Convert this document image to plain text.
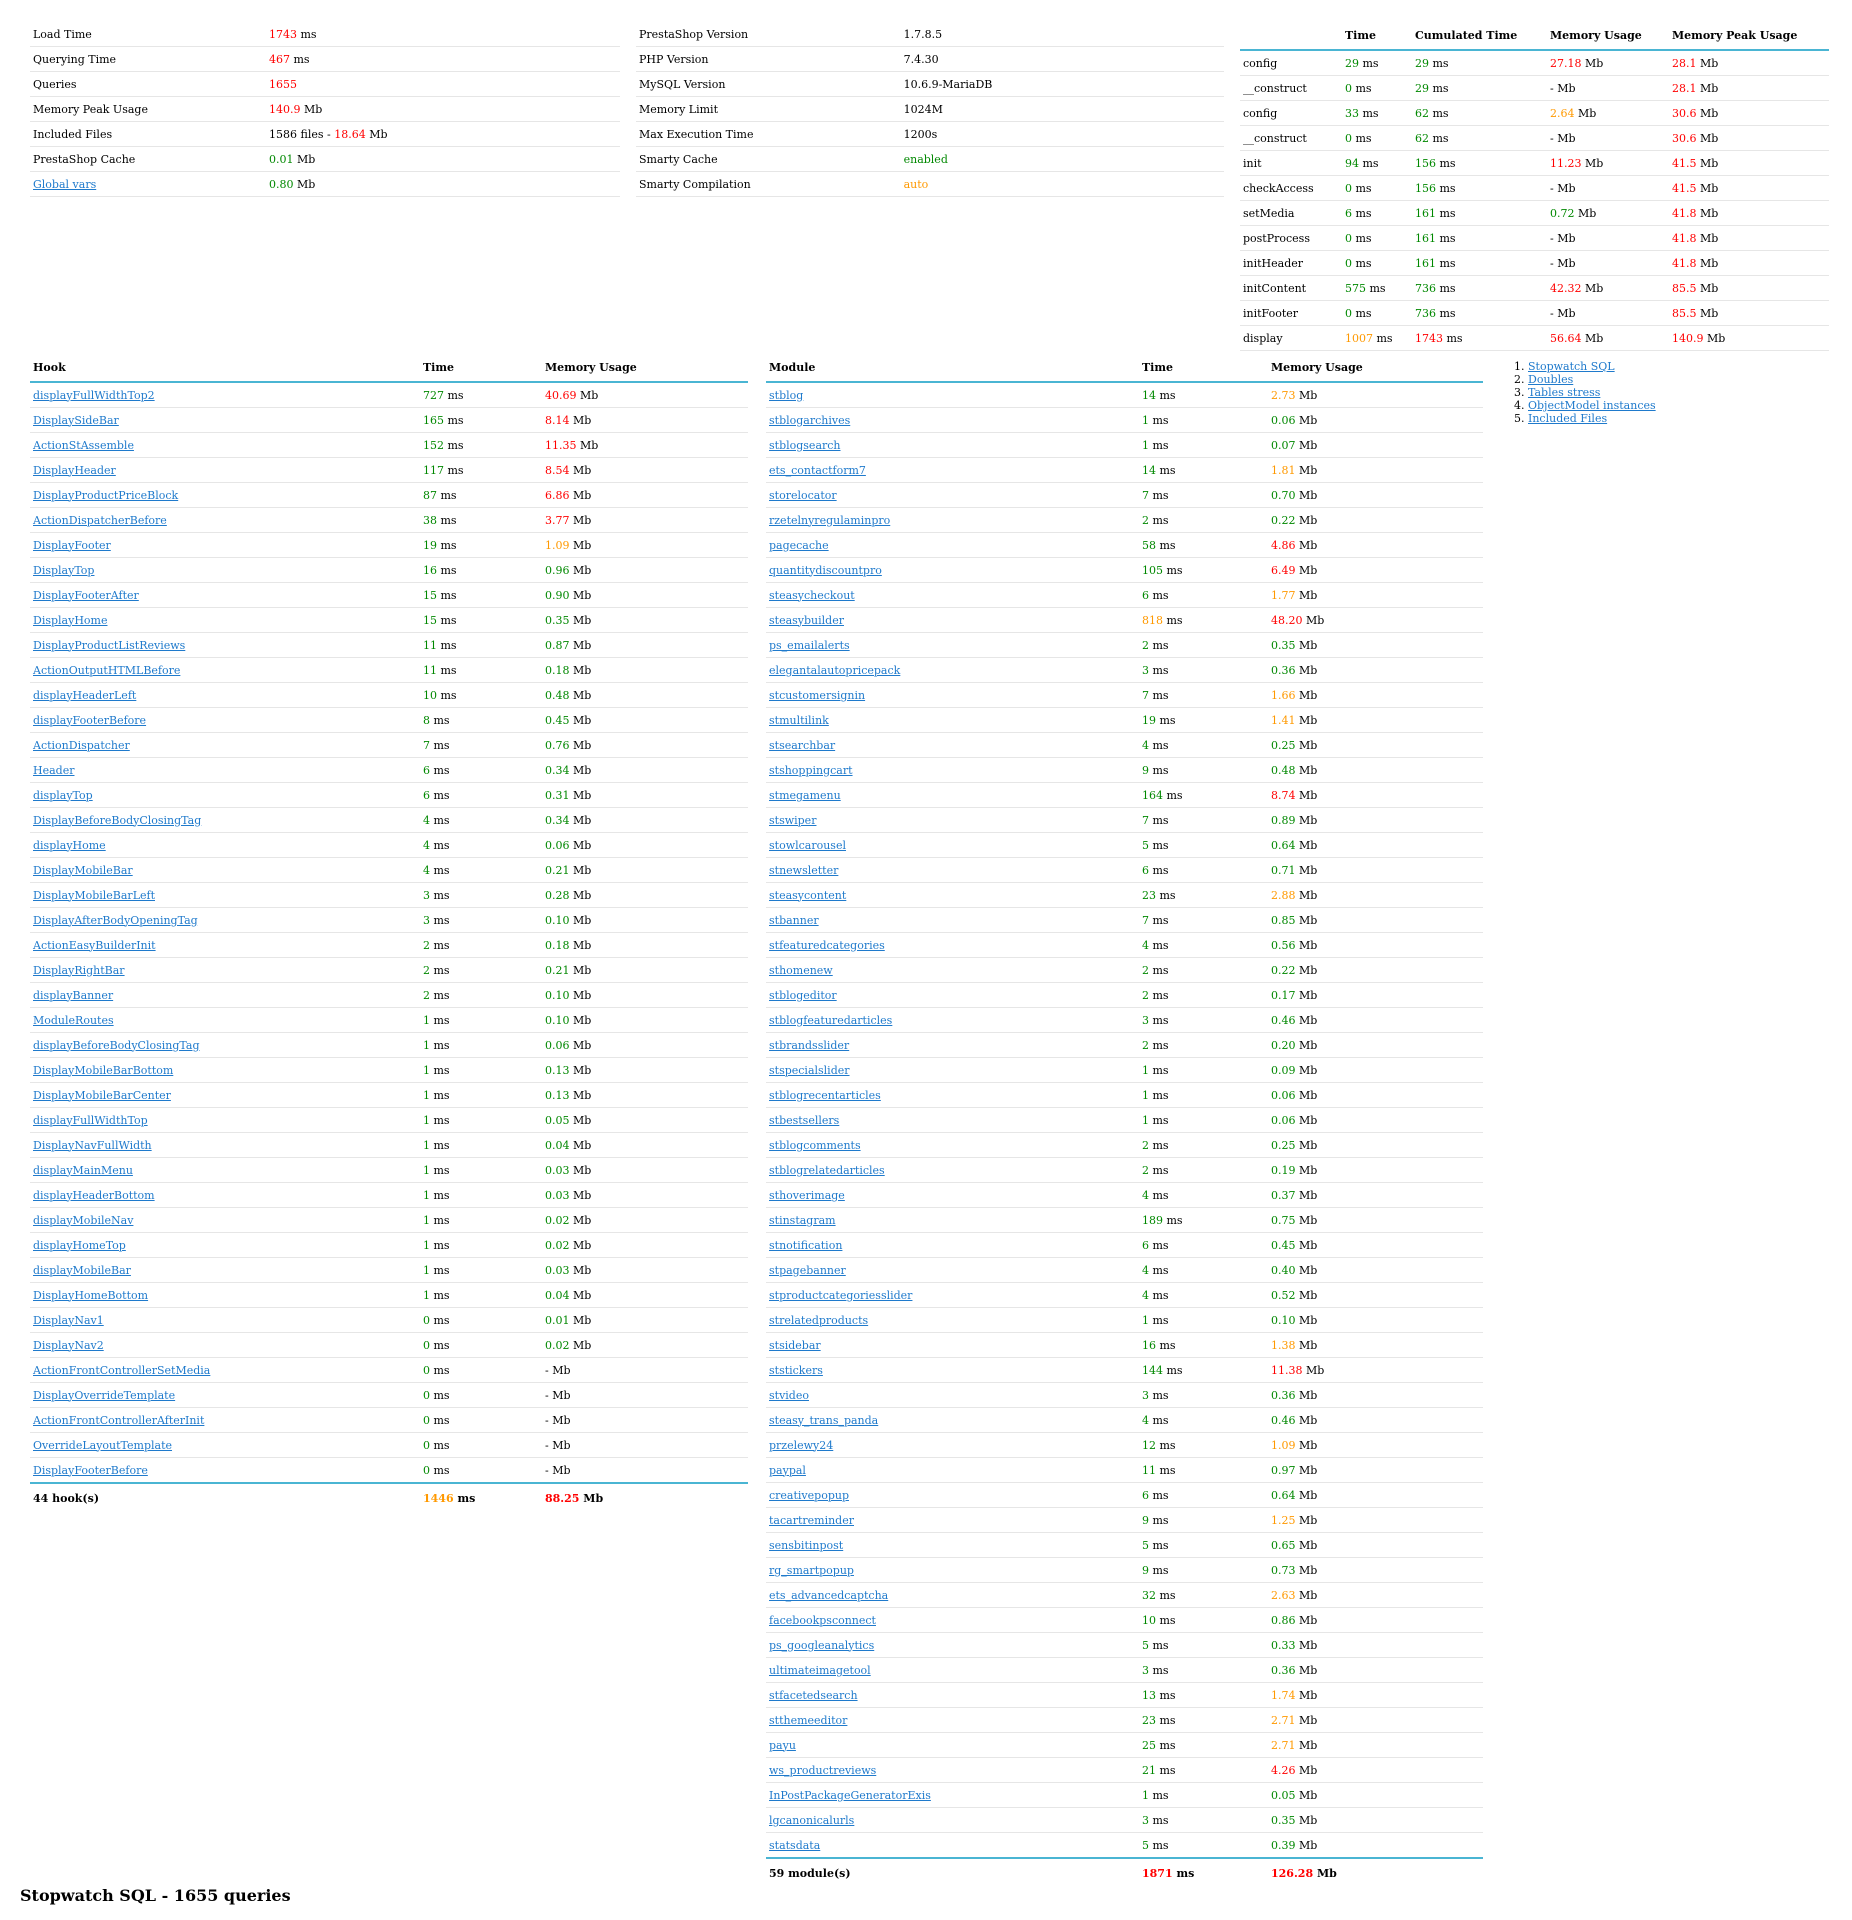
Load Time	1743 ms
Querying Time	467 ms
Queries	1655
Memory Peak Usage	140.9 Mb
Included Files	1586 files - 18.64 Mb
PrestaShop Cache	0.01 Mb
Global vars	0.80 Mb
PrestaShop Version	1.7.8.5
PHP Version	7.4.30
MySQL Version	10.6.9-MariaDB
Memory Limit	1024M
Max Execution Time	1200s
Smarty Cache	enabled
Smarty Compilation	auto
	Time	Cumulated Time	Memory Usage	Memory Peak Usage
config	29 ms	29 ms	27.18 Mb	28.1 Mb
__construct	0 ms	29 ms	- Mb	28.1 Mb
config	33 ms	62 ms	2.64 Mb	30.6 Mb
__construct	0 ms	62 ms	- Mb	30.6 Mb
init	94 ms	156 ms	11.23 Mb	41.5 Mb
checkAccess	0 ms	156 ms	- Mb	41.5 Mb
setMedia	6 ms	161 ms	0.72 Mb	41.8 Mb
postProcess	0 ms	161 ms	- Mb	41.8 Mb
initHeader	0 ms	161 ms	- Mb	41.8 Mb
initContent	575 ms	736 ms	42.32 Mb	85.5 Mb
initFooter	0 ms	736 ms	- Mb	85.5 Mb
display	1007 ms	1743 ms	56.64 Mb	140.9 Mb
Hook	Time	Memory Usage
displayFullWidthTop2	727 ms	40.69 Mb
DisplaySideBar	165 ms	8.14 Mb
ActionStAssemble	152 ms	11.35 Mb
DisplayHeader	117 ms	8.54 Mb
DisplayProductPriceBlock	87 ms	6.86 Mb
ActionDispatcherBefore	38 ms	3.77 Mb
DisplayFooter	19 ms	1.09 Mb
DisplayTop	16 ms	0.96 Mb
DisplayFooterAfter	15 ms	0.90 Mb
DisplayHome	15 ms	0.35 Mb
DisplayProductListReviews	11 ms	0.87 Mb
ActionOutputHTMLBefore	11 ms	0.18 Mb
displayHeaderLeft	10 ms	0.48 Mb
displayFooterBefore	8 ms	0.45 Mb
ActionDispatcher	7 ms	0.76 Mb
Header	6 ms	0.34 Mb
displayTop	6 ms	0.31 Mb
DisplayBeforeBodyClosingTag	4 ms	0.34 Mb
displayHome	4 ms	0.06 Mb
DisplayMobileBar	4 ms	0.21 Mb
DisplayMobileBarLeft	3 ms	0.28 Mb
DisplayAfterBodyOpeningTag	3 ms	0.10 Mb
ActionEasyBuilderInit	2 ms	0.18 Mb
DisplayRightBar	2 ms	0.21 Mb
displayBanner	2 ms	0.10 Mb
ModuleRoutes	1 ms	0.10 Mb
displayBeforeBodyClosingTag	1 ms	0.06 Mb
DisplayMobileBarBottom	1 ms	0.13 Mb
DisplayMobileBarCenter	1 ms	0.13 Mb
displayFullWidthTop	1 ms	0.05 Mb
DisplayNavFullWidth	1 ms	0.04 Mb
displayMainMenu	1 ms	0.03 Mb
displayHeaderBottom	1 ms	0.03 Mb
displayMobileNav	1 ms	0.02 Mb
displayHomeTop	1 ms	0.02 Mb
displayMobileBar	1 ms	0.03 Mb
DisplayHomeBottom	1 ms	0.04 Mb
DisplayNav1	0 ms	0.01 Mb
DisplayNav2	0 ms	0.02 Mb
ActionFrontControllerSetMedia	0 ms	- Mb
DisplayOverrideTemplate	0 ms	- Mb
ActionFrontControllerAfterInit	0 ms	- Mb
OverrideLayoutTemplate	0 ms	- Mb
DisplayFooterBefore	0 ms	- Mb
44 hook(s)	1446 ms	88.25 Mb
Module	Time	Memory Usage
stblog	14 ms	2.73 Mb
stblogarchives	1 ms	0.06 Mb
stblogsearch	1 ms	0.07 Mb
ets_contactform7	14 ms	1.81 Mb
storelocator	7 ms	0.70 Mb
rzetelnyregulaminpro	2 ms	0.22 Mb
pagecache	58 ms	4.86 Mb
quantitydiscountpro	105 ms	6.49 Mb
steasycheckout	6 ms	1.77 Mb
steasybuilder	818 ms	48.20 Mb
ps_emailalerts	2 ms	0.35 Mb
elegantalautopricepack	3 ms	0.36 Mb
stcustomersignin	7 ms	1.66 Mb
stmultilink	19 ms	1.41 Mb
stsearchbar	4 ms	0.25 Mb
stshoppingcart	9 ms	0.48 Mb
stmegamenu	164 ms	8.74 Mb
stswiper	7 ms	0.89 Mb
stowlcarousel	5 ms	0.64 Mb
stnewsletter	6 ms	0.71 Mb
steasycontent	23 ms	2.88 Mb
stbanner	7 ms	0.85 Mb
stfeaturedcategories	4 ms	0.56 Mb
sthomenew	2 ms	0.22 Mb
stblogeditor	2 ms	0.17 Mb
stblogfeaturedarticles	3 ms	0.46 Mb
stbrandsslider	2 ms	0.20 Mb
stspecialslider	1 ms	0.09 Mb
stblogrecentarticles	1 ms	0.06 Mb
stbestsellers	1 ms	0.06 Mb
stblogcomments	2 ms	0.25 Mb
stblogrelatedarticles	2 ms	0.19 Mb
sthoverimage	4 ms	0.37 Mb
stinstagram	189 ms	0.75 Mb
stnotification	6 ms	0.45 Mb
stpagebanner	4 ms	0.40 Mb
stproductcategoriesslider	4 ms	0.52 Mb
strelatedproducts	1 ms	0.10 Mb
stsidebar	16 ms	1.38 Mb
ststickers	144 ms	11.38 Mb
stvideo	3 ms	0.36 Mb
steasy_trans_panda	4 ms	0.46 Mb
przelewy24	12 ms	1.09 Mb
paypal	11 ms	0.97 Mb
creativepopup	6 ms	0.64 Mb
tacartreminder	9 ms	1.25 Mb
sensbitinpost	5 ms	0.65 Mb
rg_smartpopup	9 ms	0.73 Mb
ets_advancedcaptcha	32 ms	2.63 Mb
facebookpsconnect	10 ms	0.86 Mb
ps_googleanalytics	5 ms	0.33 Mb
ultimateimagetool	3 ms	0.36 Mb
stfacetedsearch	13 ms	1.74 Mb
stthemeeditor	23 ms	2.71 Mb
payu	25 ms	2.71 Mb
ws_productreviews	21 ms	4.26 Mb
InPostPackageGeneratorExis	1 ms	0.05 Mb
lgcanonicalurls	3 ms	0.35 Mb
statsdata	5 ms	0.39 Mb
59 module(s)	1871 ms	126.28 Mb
1. Stopwatch SQL
2. Doubles
3. Tables stress
4. ObjectModel instances
5. Included Files
Stopwatch SQL - 1655 queries
